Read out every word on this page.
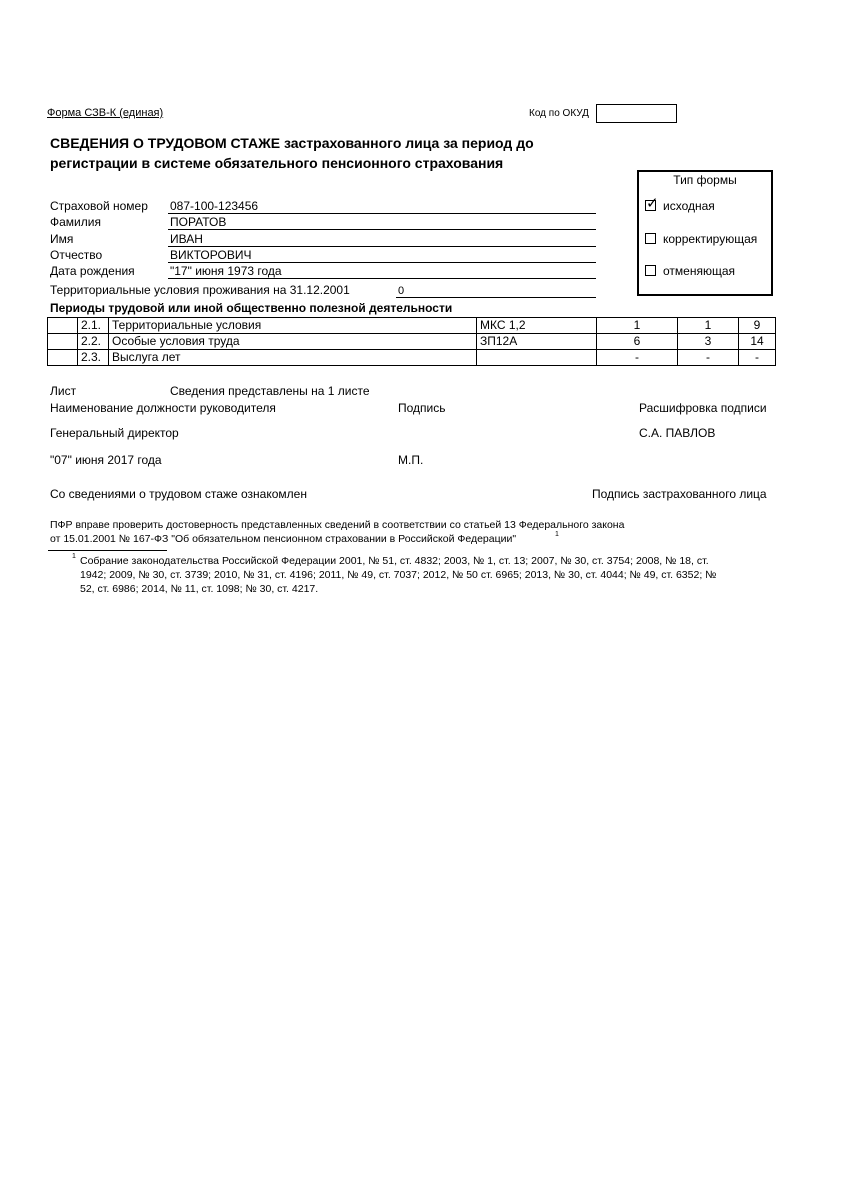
Форма СЗВ-К (единая)	Код по ОКУД
СВЕДЕНИЯ О ТРУДОВОМ СТАЖЕ застрахованного лица за период до
регистрации в системе обязательного пенсионного страхования
Тип формы
✓ исходная
корректирующая
отменяющая
Страховой номер 087-100-123456
Фамилия	ПОРАТОВ
Имя	ИВАН
Отчество	ВИКТОРОВИЧ
Дата рождения	"17" июня 1973 года
Территориальные условия проживания на 31.12.2001	0
Периоды трудовой или иной общественно полезной деятельности
	2.1.	Территориальные условия	МКС 1,2	1	1	9
	2.2.	Особые условия труда	ЗП12А	6	3	14
	2.3.	Выслуга лет		-	-	-
Лист	Сведения представлены на 1 листе
Наименование должности руководителя	Подпись	Расшифровка подписи
Генеральный директор	С.А. ПАВЛОВ
"07" июня 2017 года	М.П.
Со сведениями о трудовом стаже ознакомлен	Подпись застрахованного лица
ПФР вправе проверить достоверность представленных сведений в соответствии со статьей 13 Федерального закона
от 15.01.2001 № 167-ФЗ "Об обязательном пенсионном страховании в Российской Федерации"	1
1 Собрание законодательства Российской Федерации 2001, № 51, ст. 4832; 2003, № 1, ст. 13; 2007, № 30, ст. 3754; 2008, № 18, ст.
1942; 2009, № 30, ст. 3739; 2010, № 31, ст. 4196; 2011, № 49, ст. 7037; 2012, № 50 ст. 6965; 2013, № 30, ст. 4044; № 49, ст. 6352; №
52, ст. 6986; 2014, № 11, ст. 1098; № 30, ст. 4217.
